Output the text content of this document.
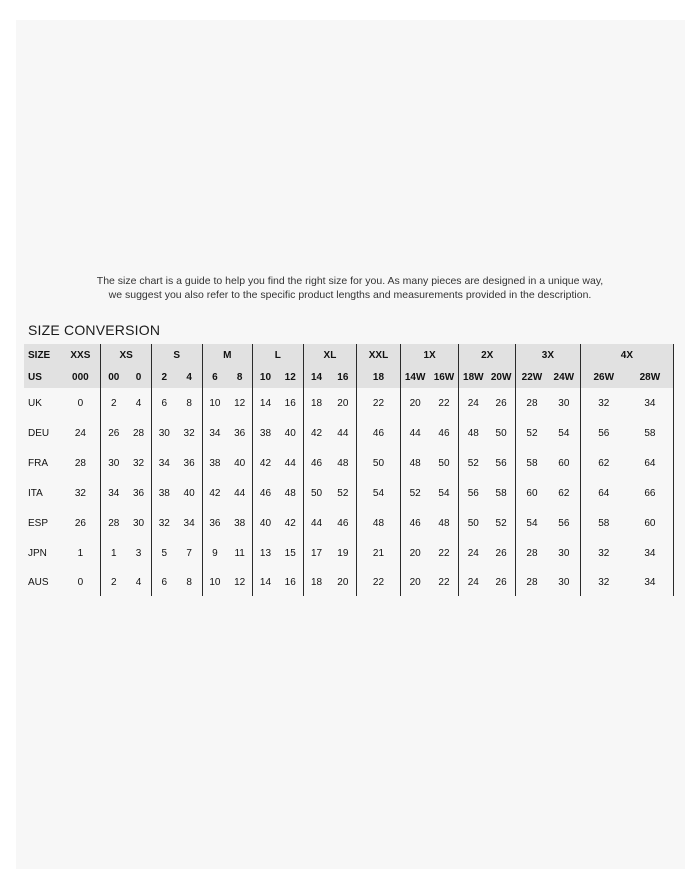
The size chart is a guide to help you find the right size for you. As many pieces are designed in a unique way,

we suggest you also refer to the specific product lengths and measurements provided in the description.

SIZE CONVERSION
SIZE	XXS	XS		S		M		L		XL		XXL	1X		2X		3X		4X	
US	000	00	0	2	4	6	8	10	12	14	16	18	14W	16W	18W	20W	22W	24W	26W	28W
UK	0	2	4	6	8	10	12	14	16	18	20	22	20	22	24	26	28	30	32	34
DEU	24	26	28	30	32	34	36	38	40	42	44	46	44	46	48	50	52	54	56	58
FRA	28	30	32	34	36	38	40	42	44	46	48	50	48	50	52	56	58	60	62	64
ITA	32	34	36	38	40	42	44	46	48	50	52	54	52	54	56	58	60	62	64	66
ESP	26	28	30	32	34	36	38	40	42	44	46	48	46	48	50	52	54	56	58	60
JPN	1	1	3	5	7	9	11	13	15	17	19	21	20	22	24	26	28	30	32	34
AUS	0	2	4	6	8	10	12	14	16	18	20	22	20	22	24	26	28	30	32	34
